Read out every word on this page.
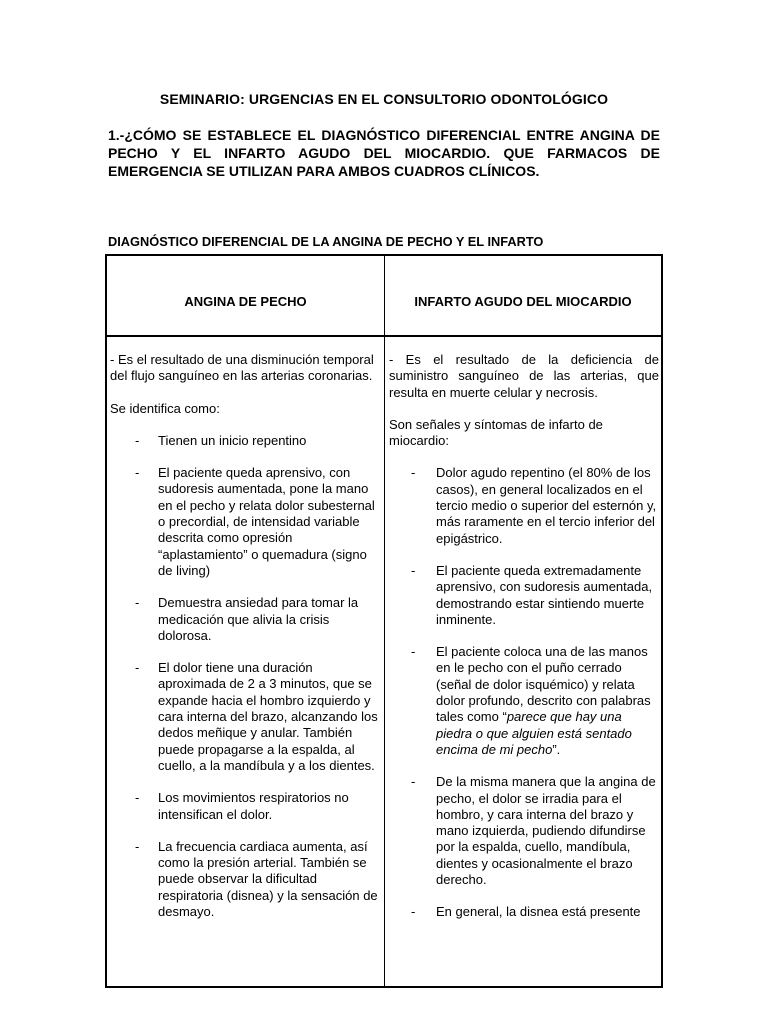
SEMINARIO: URGENCIAS EN EL CONSULTORIO ODONTOLÓGICO
1.-¿CÓMO SE ESTABLECE EL DIAGNÓSTICO DIFERENCIAL ENTRE ANGINA DE PECHO Y EL INFARTO AGUDO DEL MIOCARDIO. QUE FARMACOS DE EMERGENCIA SE UTILIZAN PARA AMBOS CUADROS CLÍNICOS.
DIAGNÓSTICO DIFERENCIAL DE LA ANGINA DE PECHO Y EL INFARTO
ANGINA DE PECHO	INFARTO AGUDO DEL MIOCARDIO

- Es el resultado de una disminución temporal del flujo sanguíneo en las arterias coronarias.

Se identifica como:

- Tienen un inicio repentino
- El paciente queda aprensivo, con sudoresis aumentada, pone la mano en el pecho y relata dolor subesternal o precordial, de intensidad variable descrita como opresión “aplastamiento” o quemadura (signo de living)
- Demuestra ansiedad para tomar la medicación que alivia la crisis dolorosa.
- El dolor tiene una duración aproximada de 2 a 3 minutos, que se expande hacia el hombro izquierdo y cara interna del brazo, alcanzando los dedos meñique y anular. También puede propagarse a la espalda, al cuello, a la mandíbula y a los dientes.
- Los movimientos respiratorios no intensifican el dolor.
- La frecuencia cardiaca aumenta, así como la presión arterial. También se puede observar la dificultad respiratoria (disnea) y la sensación de desmayo.

- Es el resultado de la deficiencia de suministro sanguíneo de las arterias, que resulta en muerte celular y necrosis.

Son señales y síntomas de infarto de miocardio:

- Dolor agudo repentino (el 80% de los casos), en general localizados en el tercio medio o superior del esternón y, más raramente en el tercio inferior del epigástrico.
- El paciente queda extremadamente aprensivo, con sudoresis aumentada, demostrando estar sintiendo muerte inminente.
- El paciente coloca una de las manos en le pecho con el puño cerrado (señal de dolor isquémico) y relata dolor profundo, descrito con palabras tales como “parece que hay una piedra o que alguien está sentado encima de mi pecho”.
- De la misma manera que la angina de pecho, el dolor se irradia para el hombro, y cara interna del brazo y mano izquierda, pudiendo difundirse por la espalda, cuello, mandíbula, dientes y ocasionalmente el brazo derecho.
- En general, la disnea está presente
